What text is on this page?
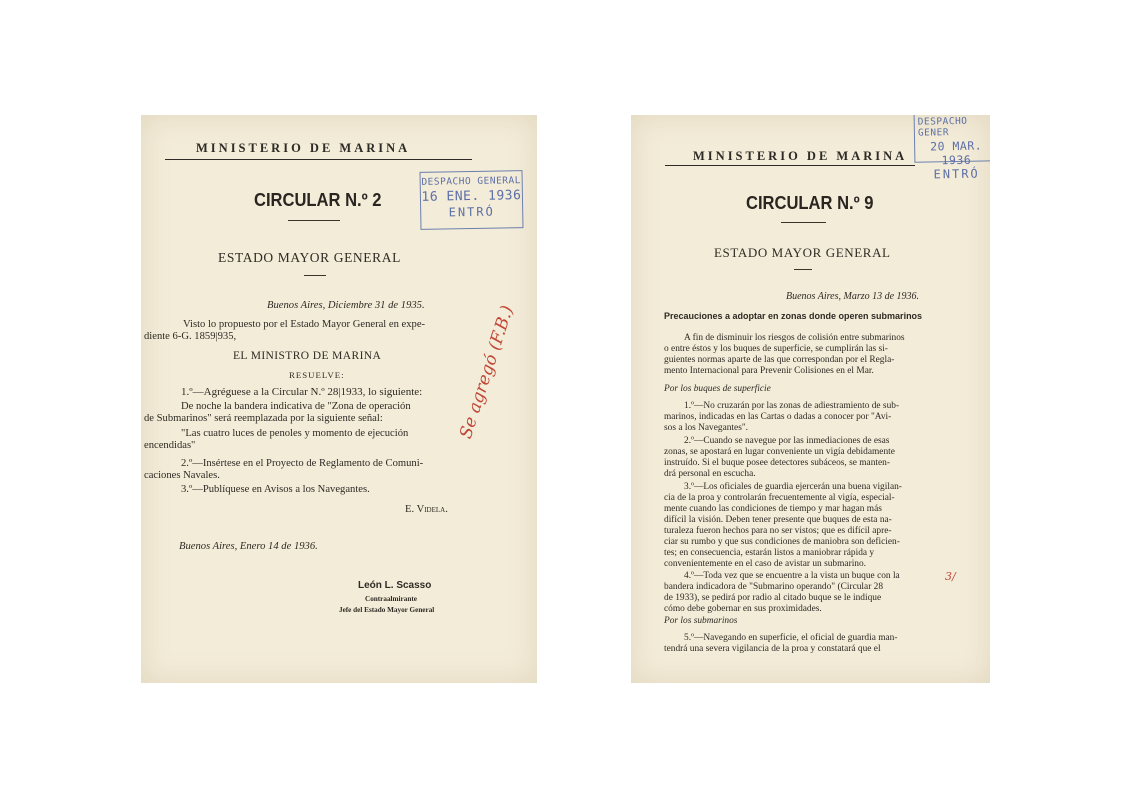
MINISTERIO DE MARINA
CIRCULAR N.º 2
DESPACHO GENERAL
16 ENE. 1936
ENTRÓ
ESTADO MAYOR GENERAL
Buenos Aires, Diciembre 31 de 1935.
Visto lo propuesto por el Estado Mayor General en expe-
diente 6-G. 1859|935,
EL MINISTRO DE MARINA
RESUELVE:
1.º—Agréguese a la Circular N.º 28|1933, lo siguiente:
De noche la bandera indicativa de "Zona de operación
de Submarinos" será reemplazada por la siguiente señal:
"Las cuatro luces de penoles y momento de ejecución
encendidas"
2.º—Insértese en el Proyecto de Reglamento de Comuni-
caciones Navales.
3.º—Publíquese en Avisos a los Navegantes.
E. Videla.
Buenos Aires, Enero 14 de 1936.
León L. Scasso
Contraalmirante
Jefe del Estado Mayor General
Se agregó (F.B.)
MINISTERIO DE MARINA
DESPACHO GENER
20 MAR. 1936
ENTRÓ
CIRCULAR N.º 9
ESTADO MAYOR GENERAL
Buenos Aires, Marzo 13 de 1936.
Precauciones a adoptar en zonas donde operen submarinos
A fin de disminuir los riesgos de colisión entre submarinos
o entre éstos y los buques de superficie, se cumplirán las si-
guientes normas aparte de las que correspondan por el Regla-
mento Internacional para Prevenir Colisiones en el Mar.
Por los buques de superficie
1.º—No cruzarán por las zonas de adiestramiento de sub-
marinos, indicadas en las Cartas o dadas a conocer por "Avi-
sos a los Navegantes".
2.º—Cuando se navegue por las inmediaciones de esas
zonas, se apostará en lugar conveniente un vigía debidamente
instruído. Si el buque posee detectores subáceos, se manten-
drá personal en escucha.
3.º—Los oficiales de guardia ejercerán una buena vigilan-
cia de la proa y controlarán frecuentemente al vigía, especial-
mente cuando las condiciones de tiempo y mar hagan más
difícil la visión. Deben tener presente que buques de esta na-
turaleza fueron hechos para no ser vistos; que es difícil apre-
ciar su rumbo y que sus condiciones de maniobra son deficien-
tes; en consecuencia, estarán listos a maniobrar rápida y
convenientemente en el caso de avistar un submarino.
4.º—Toda vez que se encuentre a la vista un buque con la
bandera indicadora de "Submarino operando" (Circular 28
de 1933), se pedirá por radio al citado buque se le indique
cómo debe gobernar en sus proximidades.
Por los submarinos
5.º—Navegando en superficie, el oficial de guardia man-
tendrá una severa vigilancia de la proa y constatará que el
3/
